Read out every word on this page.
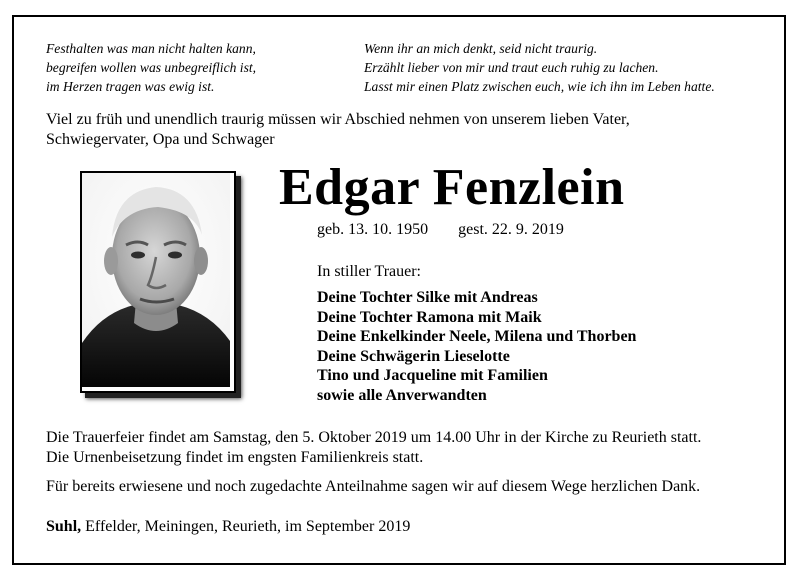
Festhalten was man nicht halten kann,
begreifen wollen was unbegreiflich ist,
im Herzen tragen was ewig ist.
Wenn ihr an mich denkt, seid nicht traurig.
Erzählt lieber von mir und traut euch ruhig zu lachen.
Lasst mir einen Platz zwischen euch, wie ich ihn im Leben hatte.
Viel zu früh und unendlich traurig müssen wir Abschied nehmen von unserem lieben Vater,
Schwiegervater, Opa und Schwager
Edgar Fenzlein
geb. 13. 10. 1950 gest. 22. 9. 2019
In stiller Trauer:
Deine Tochter Silke mit Andreas
Deine Tochter Ramona mit Maik
Deine Enkelkinder Neele, Milena und Thorben
Deine Schwägerin Lieselotte
Tino und Jacqueline mit Familien
sowie alle Anverwandten
Die Trauerfeier findet am Samstag, den 5. Oktober 2019 um 14.00 Uhr in der Kirche zu Reurieth statt.
Die Urnenbeisetzung findet im engsten Familienkreis statt.
Für bereits erwiesene und noch zugedachte Anteilnahme sagen wir auf diesem Wege herzlichen Dank.
Suhl, Effelder, Meiningen, Reurieth, im September 2019
